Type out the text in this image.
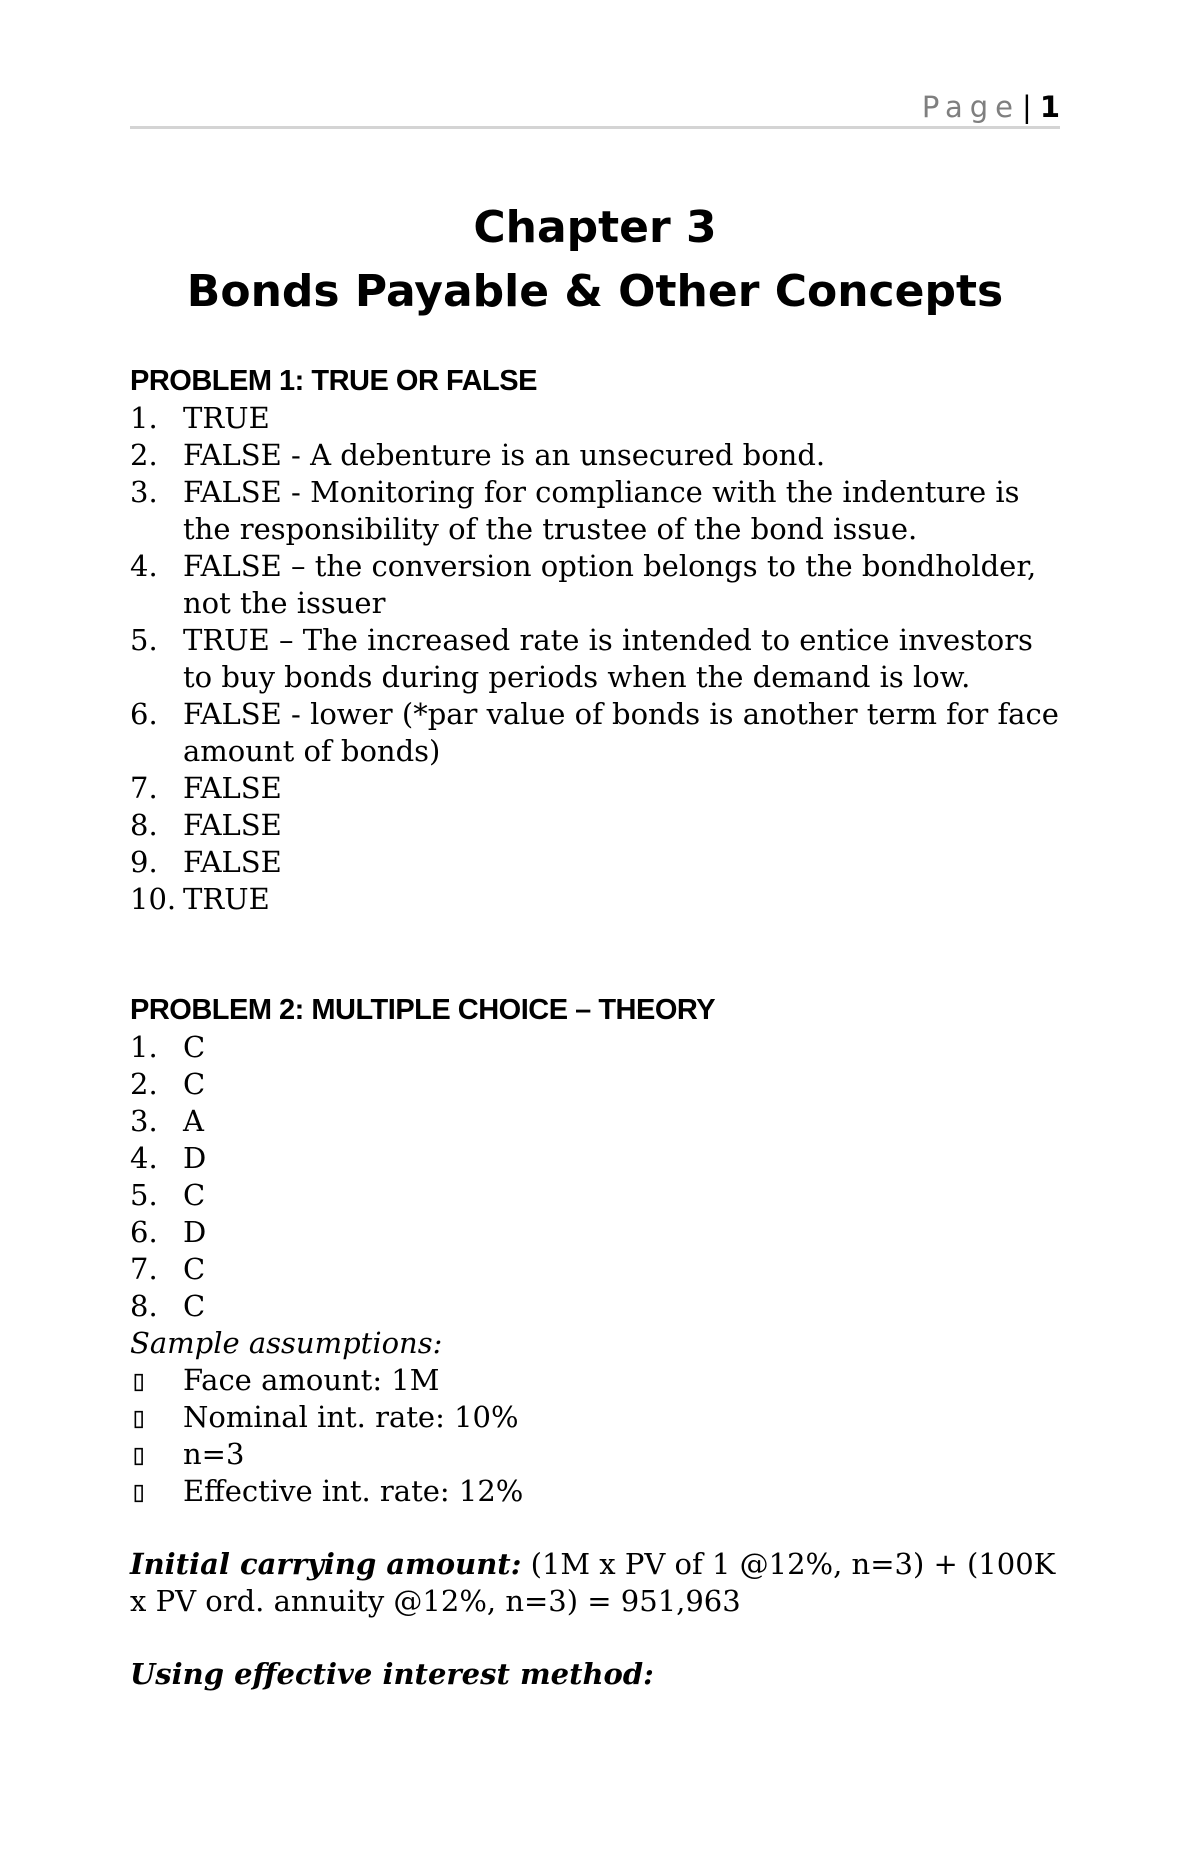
Page| 1
Chapter 3
Bonds Payable & Other Concepts
PROBLEM 1: TRUE OR FALSE
1. TRUE
2. FALSE - A debenture is an unsecured bond.
3. FALSE - Monitoring for compliance with the indenture is the responsibility of the trustee of the bond issue.
4. FALSE – the conversion option belongs to the bondholder, not the issuer
5. TRUE – The increased rate is intended to entice investors to buy bonds during periods when the demand is low.
6. FALSE - lower (*par value of bonds is another term for face amount of bonds)
7. FALSE
8. FALSE
9. FALSE
10. TRUE
PROBLEM 2: MULTIPLE CHOICE – THEORY
1. C
2. C
3. A
4. D
5. C
6. D
7. C
8. C
Sample assumptions:
▯	Face amount: 1M
▯	Nominal int. rate: 10%
▯	n=3
▯	Effective int. rate: 12%
Initial carrying amount: (1M x PV of 1 @12%, n=3) + (100K x PV ord. annuity @12%, n=3) = 951,963
Using effective interest method:
